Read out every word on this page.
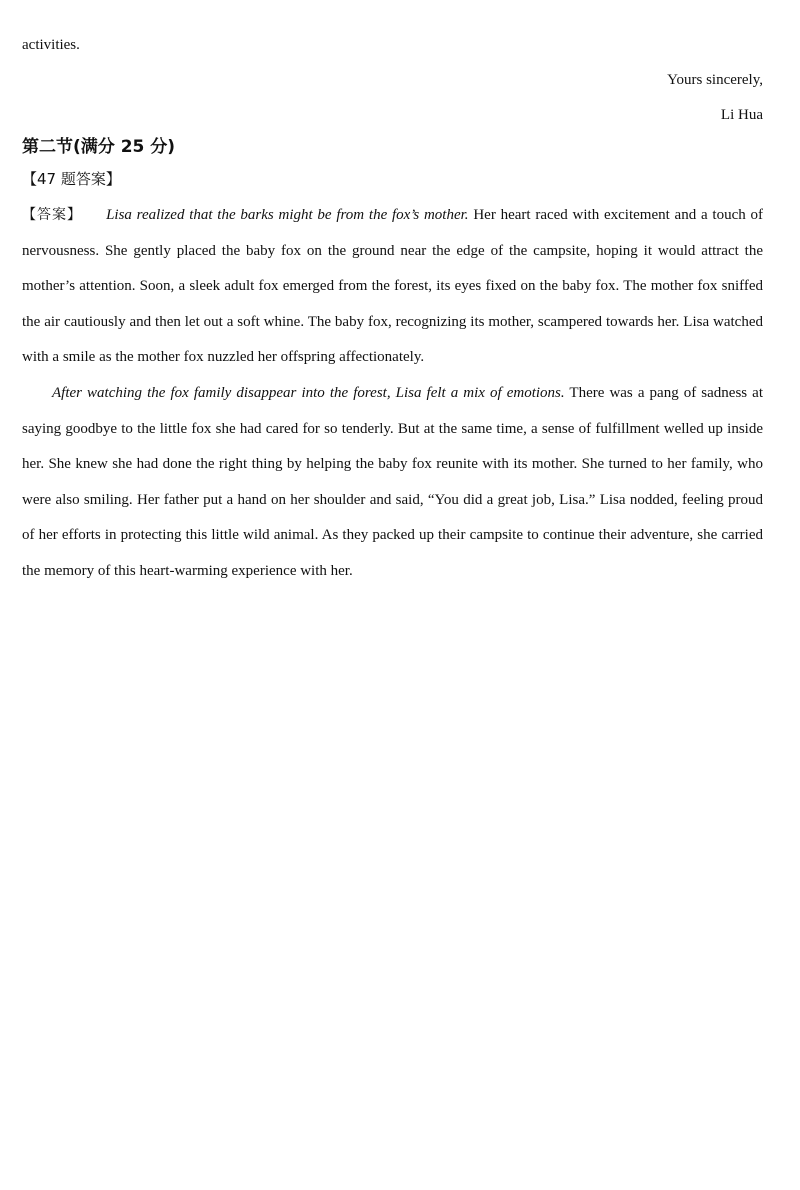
activities.
Yours sincerely,
Li Hua
第二节(满分 25 分)
【47 题答案】

【答案】 Lisa realized that the barks might be from the fox’s mother. Her heart raced with excitement and a touch of nervousness. She gently placed the baby fox on the ground near the edge of the campsite, hoping it would attract the mother’s attention. Soon, a sleek adult fox emerged from the forest, its eyes fixed on the baby fox. The mother fox sniffed the air cautiously and then let out a soft whine. The baby fox, recognizing its mother, scampered towards her. Lisa watched with a smile as the mother fox nuzzled her offspring affectionately.

After watching the fox family disappear into the forest, Lisa felt a mix of emotions. There was a pang of sadness at saying goodbye to the little fox she had cared for so tenderly. But at the same time, a sense of fulfillment welled up inside her. She knew she had done the right thing by helping the baby fox reunite with its mother. She turned to her family, who were also smiling. Her father put a hand on her shoulder and said, “You did a great job, Lisa.” Lisa nodded, feeling proud of her efforts in protecting this little wild animal. As they packed up their campsite to continue their adventure, she carried the memory of this heart-warming experience with her.
